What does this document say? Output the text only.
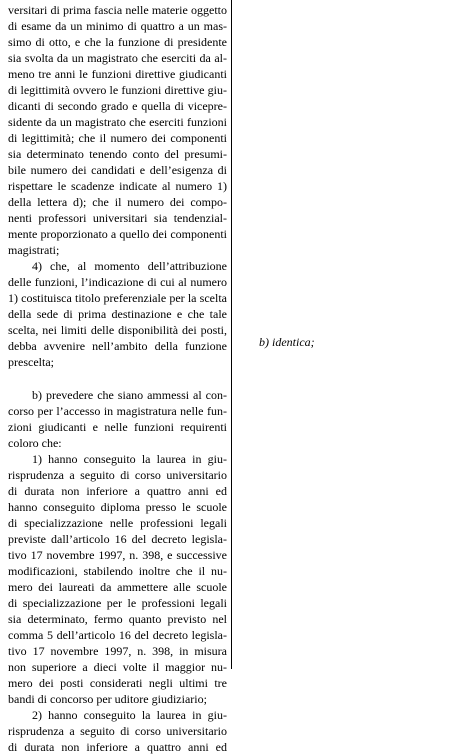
versitari di prima fascia nelle materie oggetto
di esame da un minimo di quattro a un mas-
simo di otto, e che la funzione di presidente
sia svolta da un magistrato che eserciti da al-
meno tre anni le funzioni direttive giudicanti
di legittimità ovvero le funzioni direttive giu-
dicanti di secondo grado e quella di vicepre-
sidente da un magistrato che eserciti funzioni
di legittimità; che il numero dei componenti
sia determinato tenendo conto del presumi-
bile numero dei candidati e dell’esigenza di
rispettare le scadenze indicate al numero 1)
della lettera d); che il numero dei compo-
nenti professori universitari sia tendenzial-
mente proporzionato a quello dei componenti
magistrati;
4) che, al momento dell’attribuzione
delle funzioni, l’indicazione di cui al numero
1) costituisca titolo preferenziale per la scelta
della sede di prima destinazione e che tale
scelta, nei limiti delle disponibilità dei posti,
debba avvenire nell’ambito della funzione
prescelta;
b) prevedere che siano ammessi al con-
corso per l’accesso in magistratura nelle fun-
zioni giudicanti e nelle funzioni requirenti
coloro che:
1) hanno conseguito la laurea in giu-
risprudenza a seguito di corso universitario
di durata non inferiore a quattro anni ed
hanno conseguito diploma presso le scuole
di specializzazione nelle professioni legali
previste dall’articolo 16 del decreto legisla-
tivo 17 novembre 1997, n. 398, e successive
modificazioni, stabilendo inoltre che il nu-
mero dei laureati da ammettere alle scuole
di specializzazione per le professioni legali
sia determinato, fermo quanto previsto nel
comma 5 dell’articolo 16 del decreto legisla-
tivo 17 novembre 1997, n. 398, in misura
non superiore a dieci volte il maggior nu-
mero dei posti considerati negli ultimi tre
bandi di concorso per uditore giudiziario;
2) hanno conseguito la laurea in giu-
risprudenza a seguito di corso universitario
di durata non inferiore a quattro anni ed
b) identica;
